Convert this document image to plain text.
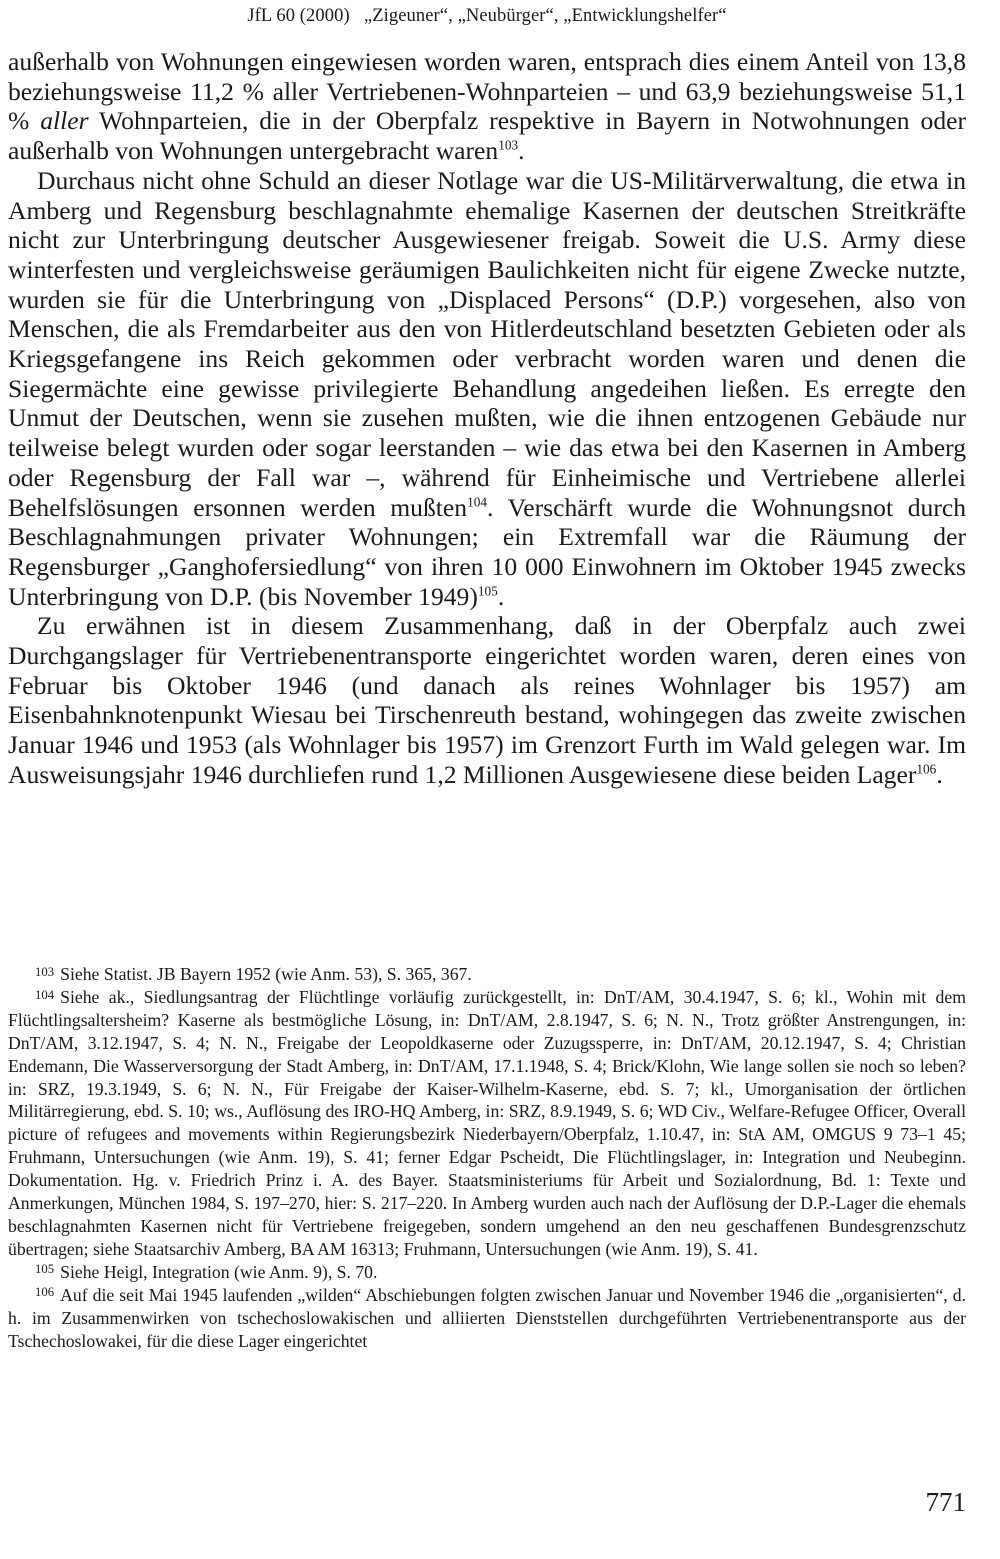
JfL 60 (2000) „Zigeuner“, „Neubürger“, „Entwicklungshelfer“

außerhalb von Wohnungen eingewiesen worden waren, entsprach dies einem Anteil von 13,8 beziehungsweise 11,2 % aller Vertriebenen-Wohnparteien – und 63,9 beziehungsweise 51,1 % aller Wohnparteien, die in der Oberpfalz respektive in Bayern in Notwohnungen oder außerhalb von Wohnungen untergebracht waren$^{103}$.

Durchaus nicht ohne Schuld an dieser Notlage war die US-Militärverwaltung, die etwa in Amberg und Regensburg beschlagnahmte ehemalige Kasernen der deutschen Streitkräfte nicht zur Unterbringung deutscher Ausgewiesener freigab. Soweit die U.S. Army diese winterfesten und vergleichsweise geräumigen Baulichkeiten nicht für eigene Zwecke nutzte, wurden sie für die Unterbringung von „Displaced Persons“ (D.P.) vorgesehen, also von Menschen, die als Fremdarbeiter aus den von Hitlerdeutschland besetzten Gebieten oder als Kriegsgefangene ins Reich gekommen oder verbracht worden waren und denen die Siegermächte eine gewisse privilegierte Behandlung angedeihen ließen. Es erregte den Unmut der Deutschen, wenn sie zusehen mußten, wie die ihnen entzogenen Gebäude nur teilweise belegt wurden oder sogar leerstanden – wie das etwa bei den Kasernen in Amberg oder Regensburg der Fall war –, während für Einheimische und Vertriebene allerlei Behelfslösungen ersonnen werden mußten$^{104}$. Verschärft wurde die Wohnungsnot durch Beschlagnahmungen privater Wohnungen; ein Extremfall war die Räumung der Regensburger „Ganghofersiedlung“ von ihren 10 000 Einwohnern im Oktober 1945 zwecks Unterbringung von D.P. (bis November 1949)$^{105}$.

Zu erwähnen ist in diesem Zusammenhang, daß in der Oberpfalz auch zwei Durchgangslager für Vertriebenentransporte eingerichtet worden waren, deren eines von Februar bis Oktober 1946 (und danach als reines Wohnlager bis 1957) am Eisenbahnknotenpunkt Wiesau bei Tirschenreuth bestand, wohingegen das zweite zwischen Januar 1946 und 1953 (als Wohnlager bis 1957) im Grenzort Furth im Wald gelegen war. Im Ausweisungsjahr 1946 durchliefen rund 1,2 Millionen Ausgewiesene diese beiden Lager$^{106}$.

$^{103}$ Siehe Statist. JB Bayern 1952 (wie Anm. 53), S. 365, 367.

$^{104}$ Siehe ak., Siedlungsantrag der Flüchtlinge vorläufig zurückgestellt, in: DnT/AM, 30.4.1947, S. 6; kl., Wohin mit dem Flüchtlingsaltersheim? Kaserne als bestmögliche Lösung, in: DnT/AM, 2.8.1947, S. 6; N. N., Trotz größter Anstrengungen, in: DnT/AM, 3.12.1947, S. 4; N. N., Freigabe der Leopoldkaserne oder Zuzugssperre, in: DnT/AM, 20.12.1947, S. 4; Christian Endemann, Die Wasserversorgung der Stadt Amberg, in: DnT/AM, 17.1.1948, S. 4; Brick/Klohn, Wie lange sollen sie noch so leben? in: SRZ, 19.3.1949, S. 6; N. N., Für Freigabe der Kaiser-Wilhelm-Kaserne, ebd. S. 7; kl., Umorganisation der örtlichen Militärregierung, ebd. S. 10; ws., Auflösung des IRO-HQ Amberg, in: SRZ, 8.9.1949, S. 6; WD Civ., Welfare-Refugee Officer, Overall picture of refugees and movements within Regierungsbezirk Niederbayern/Oberpfalz, 1.10.47, in: StA AM, OMGUS 9 73–1 45; Fruhmann, Untersuchungen (wie Anm. 19), S. 41; ferner Edgar Pscheidt, Die Flüchtlingslager, in: Integration und Neubeginn. Dokumentation. Hg. v. Friedrich Prinz i. A. des Bayer. Staatsministeriums für Arbeit und Sozialordnung, Bd. 1: Texte und Anmerkungen, München 1984, S. 197–270, hier: S. 217–220. In Amberg wurden auch nach der Auflösung der D.P.-Lager die ehemals beschlagnahmten Kasernen nicht für Vertriebene freigegeben, sondern umgehend an den neu geschaffenen Bundesgrenzschutz übertragen; siehe Staatsarchiv Amberg, BA AM 16313; Fruhmann, Untersuchungen (wie Anm. 19), S. 41.

$^{105}$ Siehe Heigl, Integration (wie Anm. 9), S. 70.

$^{106}$ Auf die seit Mai 1945 laufenden „wilden“ Abschiebungen folgten zwischen Januar und November 1946 die „organisierten“, d. h. im Zusammenwirken von tschechoslowakischen und alliierten Dienststellen durchgeführten Vertriebenentransporte aus der Tschechoslowakei, für die diese Lager eingerichtet

771
